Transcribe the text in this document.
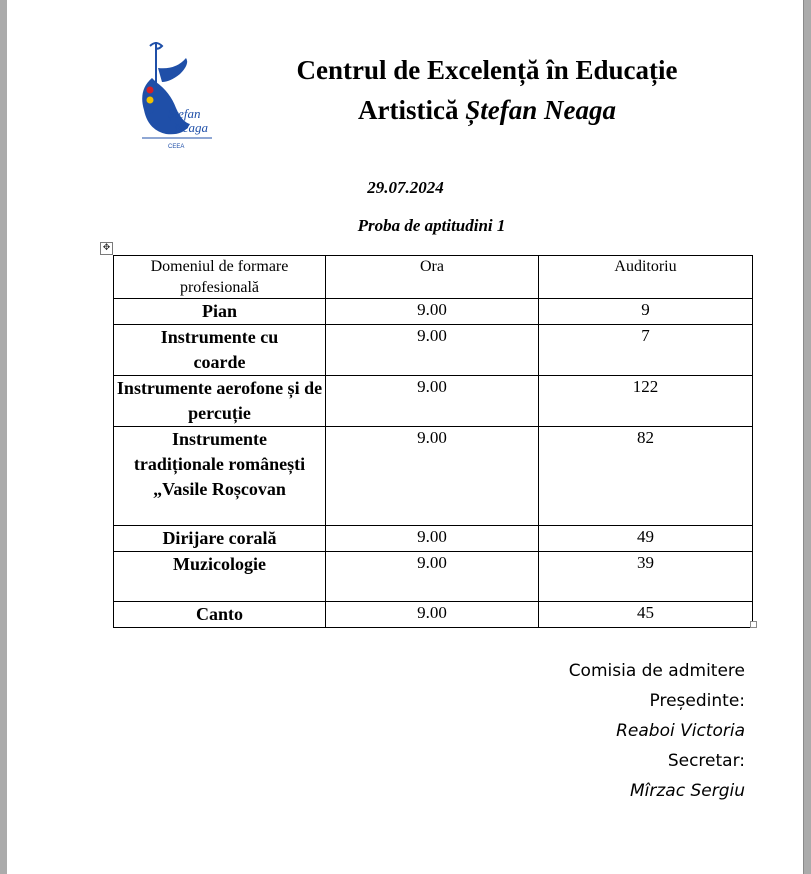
Ștefan
Neaga
CEEA
Centrul de Excelență în Educație
Artistică Ștefan Neaga
29.07.2024
Proba de aptitudini 1
✥
Domeniul de formare profesională	Ora	Auditoriu
Pian	9.00	9
Instrumente cu coarde	9.00	7
Instrumente aerofone și de percuție	9.00	122
Instrumente tradiționale românești „Vasile Roșcovan	9.00	82
Dirijare corală	9.00	49
Muzicologie	9.00	39
Canto	9.00	45
Comisia de admitere
Președinte:
Reaboi Victoria
Secretar:
Mîrzac Sergiu
